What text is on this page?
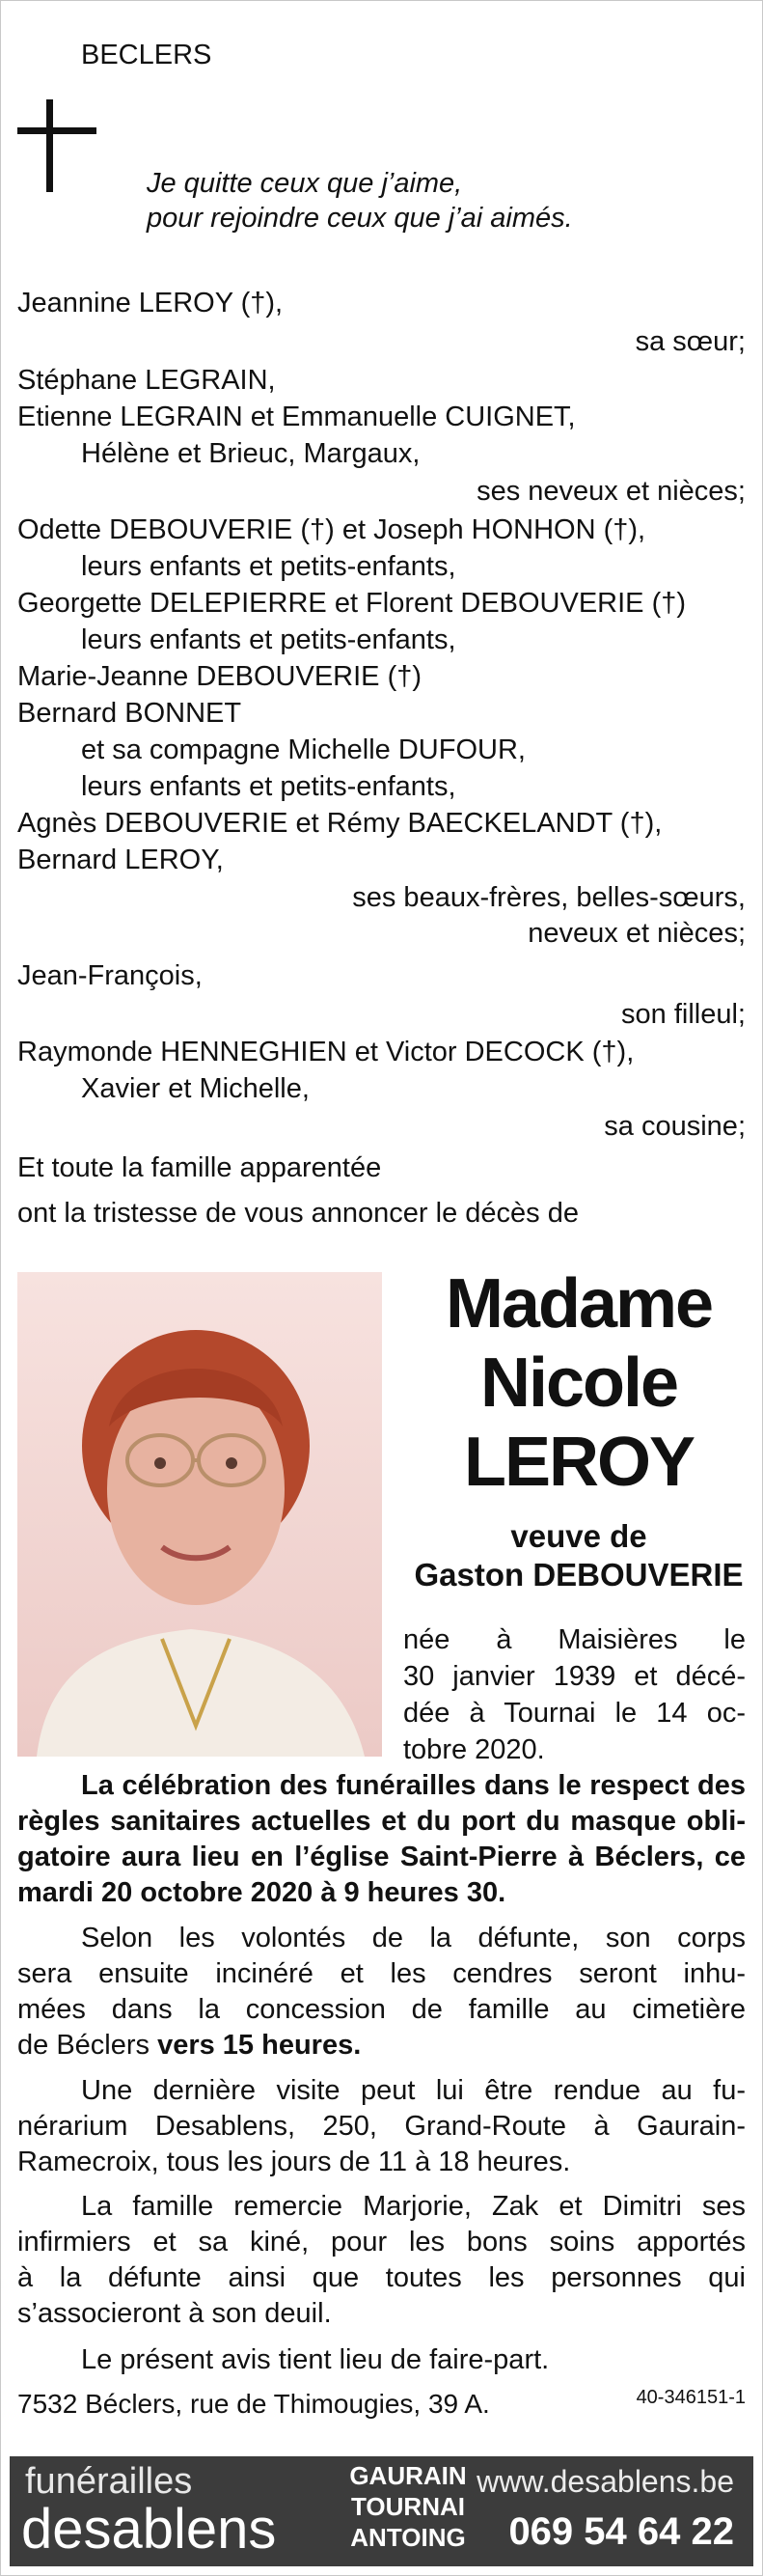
BECLERS
Je quitte ceux que j’aime,
pour rejoindre ceux que j’ai aimés.
Jeannine LEROY (†),
sa sœur;
Stéphane LEGRAIN,
Etienne LEGRAIN et Emmanuelle CUIGNET,
Hélène et Brieuc, Margaux,
ses neveux et nièces;
Odette DEBOUVERIE (†) et Joseph HONHON (†),
leurs enfants et petits-enfants,
Georgette DELEPIERRE et Florent DEBOUVERIE (†)
leurs enfants et petits-enfants,
Marie-Jeanne DEBOUVERIE (†)
Bernard BONNET
et sa compagne Michelle DUFOUR,
leurs enfants et petits-enfants,
Agnès DEBOUVERIE et Rémy BAECKELANDT (†),
Bernard LEROY,
ses beaux-frères, belles-sœurs,
neveux et nièces;
Jean-François,
son filleul;
Raymonde HENNEGHIEN et Victor DECOCK (†),
Xavier et Michelle,
sa cousine;
Et toute la famille apparentée
ont la tristesse de vous annoncer le décès de
Madame
Nicole
LEROY
veuve de
Gaston DEBOUVERIE
née à Maisières le
30 janvier 1939 et décé-
dée à Tournai le 14 oc-
tobre 2020.
La célébration des funérailles dans le respect des
règles sanitaires actuelles et du port du masque obli-
gatoire aura lieu en l’église Saint-Pierre à Béclers, ce
mardi 20 octobre 2020 à 9 heures 30.
Selon les volontés de la défunte, son corps
sera ensuite incinéré et les cendres seront inhu-
mées dans la concession de famille au cimetière
de Béclers vers 15 heures.
Une dernière visite peut lui être rendue au fu-
nérarium Desablens, 250, Grand-Route à Gaurain-
Ramecroix, tous les jours de 11 à 18 heures.
La famille remercie Marjorie, Zak et Dimitri ses
infirmiers et sa kiné, pour les bons soins apportés
à la défunte ainsi que toutes les personnes qui
s’associeront à son deuil.
Le présent avis tient lieu de faire-part.
7532 Béclers, rue de Thimougies, 39 A.	40-346151-1
funérailles
desablens
GAURAIN
TOURNAI
ANTOING
www.desablens.be
069 54 64 22
